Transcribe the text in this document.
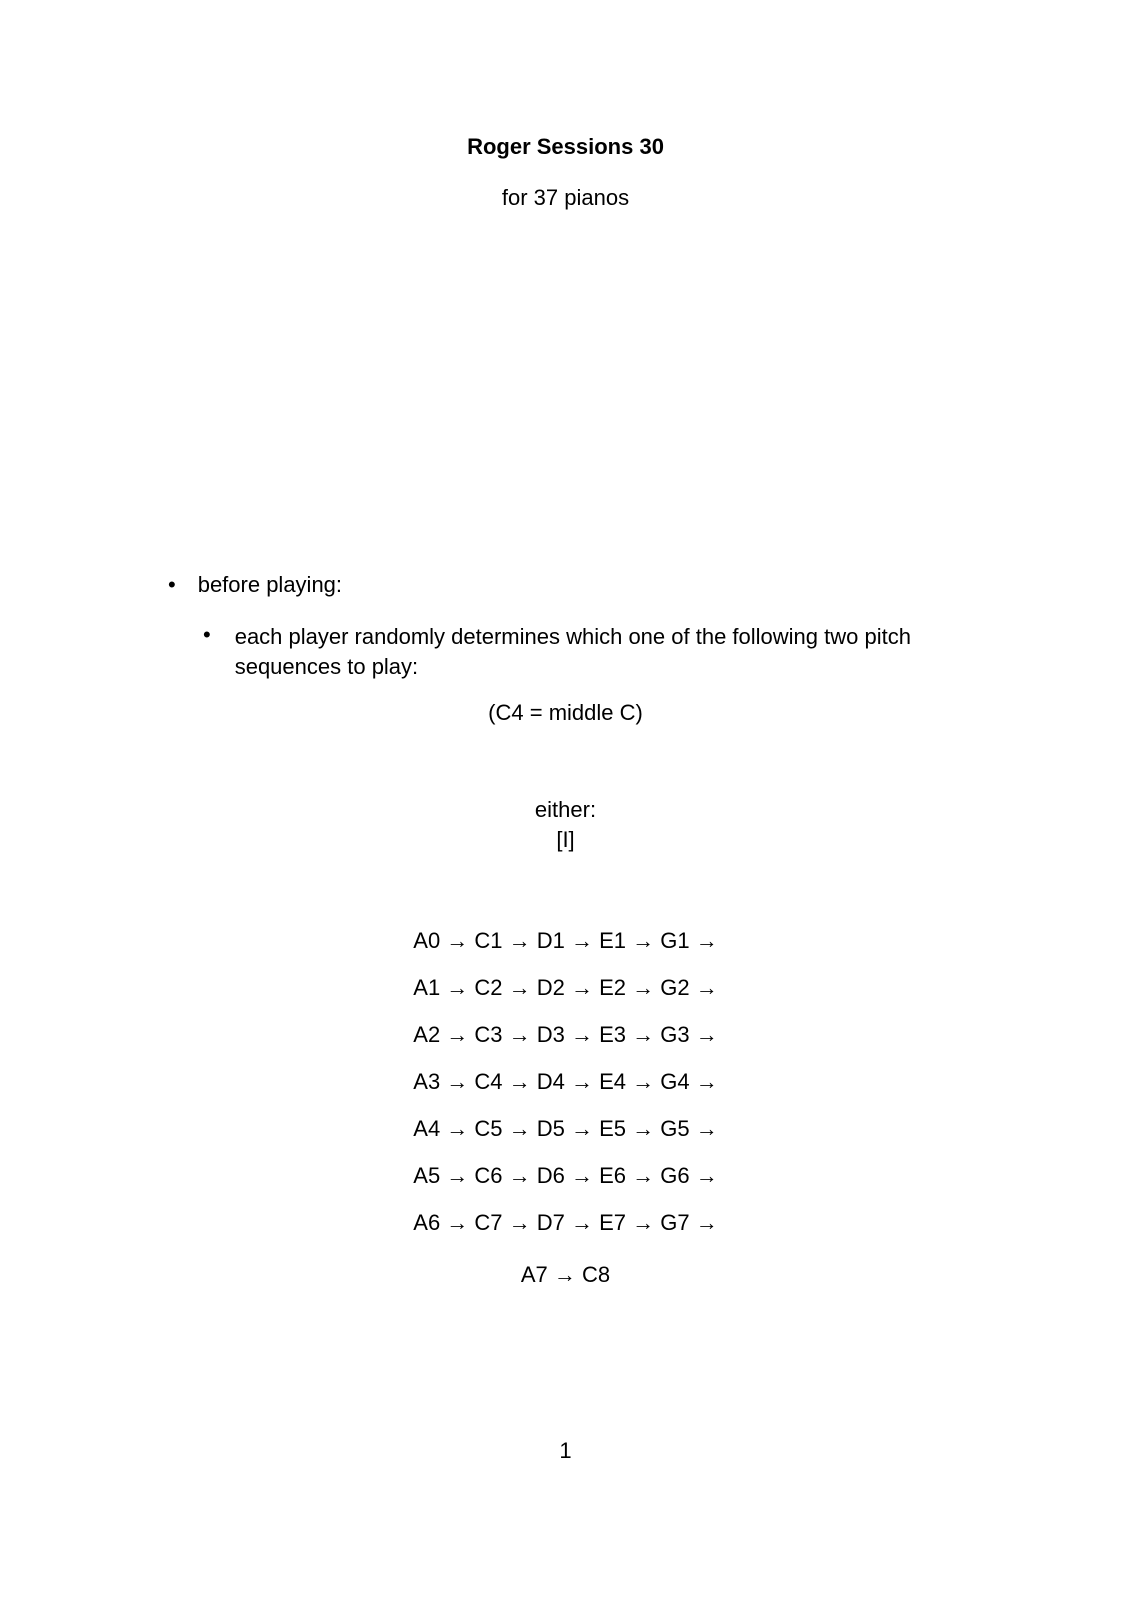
Roger Sessions 30
for 37 pianos
• before playing:
• each player randomly determines which one of the following two pitch sequences to play:
(C4 = middle C)
either:
[I]
A0 → C1 → D1 → E1 → G1 →
A1 → C2 → D2 → E2 → G2 →
A2 → C3 → D3 → E3 → G3 →
A3 → C4 → D4 → E4 → G4 →
A4 → C5 → D5 → E5 → G5 →
A5 → C6 → D6 → E6 → G6 →
A6 → C7 → D7 → E7 → G7 →
A7 → C8
1
